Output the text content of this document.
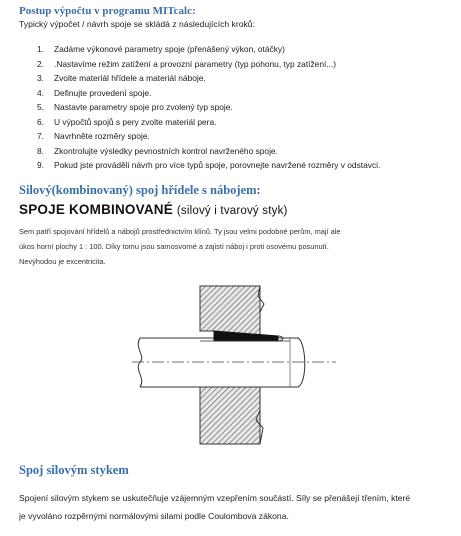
Postup výpočtu v programu MITcalc:
Typický výpočet / návrh spoje se skládá z následujících kroků:
1.	Zadáme výkonové parametry spoje (přenášený výkon, otáčky)
2.	.Nastavíme režim zatížení a provozní parametry (typ pohonu, typ zatížení...)
3.	Zvolte materiál hřídele a materiál náboje.
4.	Definujte provedení spoje.
5.	Nastavte parametry spoje pro zvolený typ spoje.
6.	U výpočtů spojů s pery zvolte materiál pera.
7.	Navrhněte rozměry spoje.
8.	Zkontrolujte výsledky pevnostních kontrol navrženého spoje.
9.	Pokud jste prováděli návrh pro více typů spoje, porovnejte navržené rozměry v odstavci.
Silový(kombinovaný) spoj hřídele s nábojem:
SPOJE KOMBINOVANÉ (silový i tvarový styk)
Sem patří spojování hřídelů a nábojů prostřednictvím klínů. Ty jsou velmi podobné perům, mají ale
úkos horní plochy 1 : 100. Díky tomu jsou samosvorné a zajistí náboj i proti osovému posunutí.
Nevýhodou je excentricita.
Spoj silovým stykem
Spojení silovým stykem se uskutečňuje vzájemným vzepřením součástí. Síly se přenášejí třením, které
je vyvoláno rozpěrnými normálovými silami podle Coulombova zákona.
